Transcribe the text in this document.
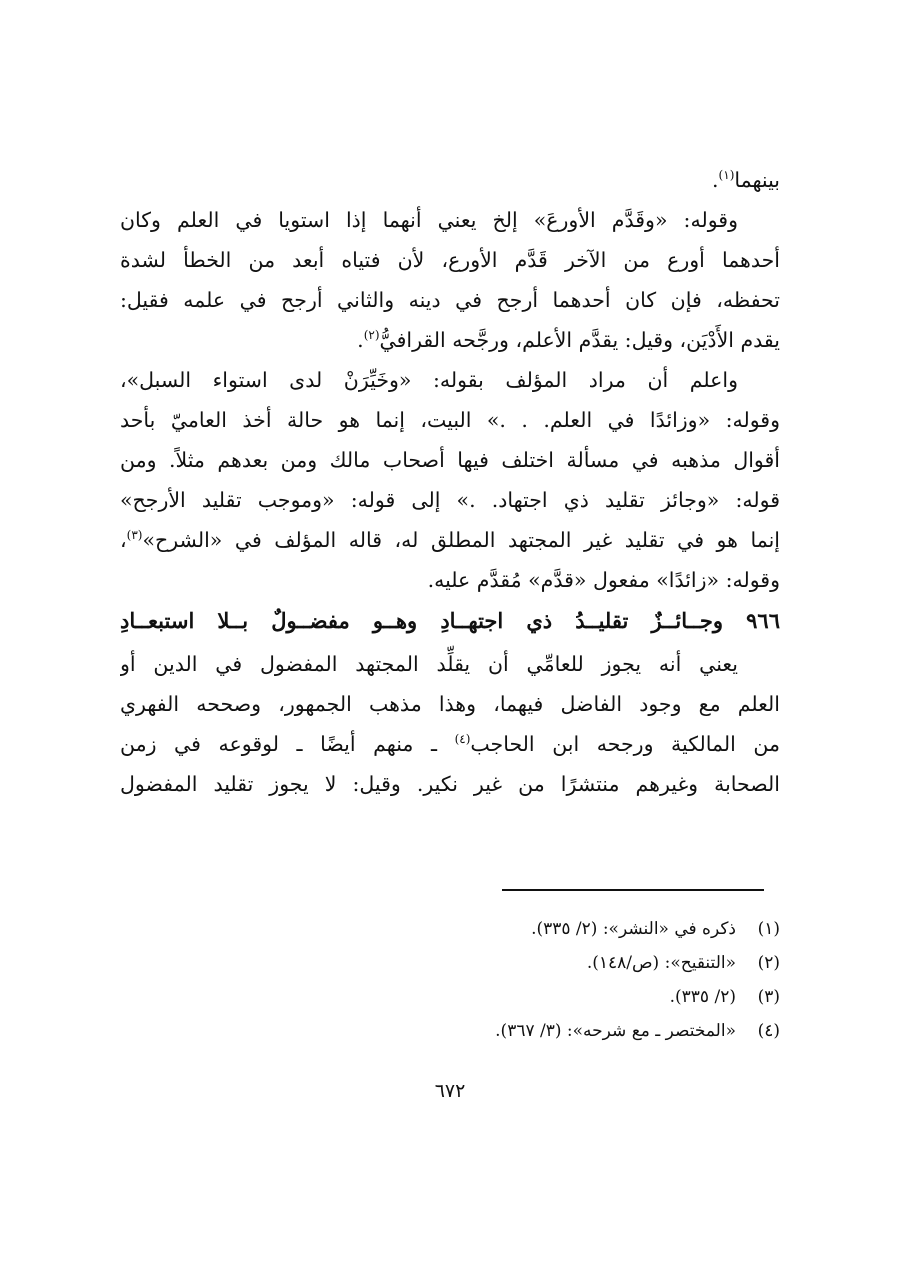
بينهما$^{(١)}$.
وقوله: «وقَدَّم الأورعَ» إلخ يعني أنهما إذا استويا في العلم وكان
أحدهما أورع من الآخر قَدَّم الأورع، لأن فتياه أبعد من الخطأ لشدة
تحفظه، فإن كان أحدهما أرجح في دينه والثاني أرجح في علمه فقيل:
يقدم الأَدْيَن، وقيل: يقدَّم الأعلم، ورجَّحه القرافيُّ$^{(٢)}$.
واعلم أن مراد المؤلف بقوله: «وخَيِّرَنْ لدى استواء السبل»،
وقوله: «وزائدًا في العلم. . .» البيت، إنما هو حالة أخذ العاميّ بأحد
أقوال مذهبه في مسألة اختلف فيها أصحاب مالك ومن بعدهم مثلاً. ومن
قوله: «وجائز تقليد ذي اجتهاد. .» إلى قوله: «وموجب تقليد الأرجح»
إنما هو في تقليد غير المجتهد المطلق له، قاله المؤلف في «الشرح»$^{(٣)}$،
وقوله: «زائدًا» مفعول «قدَّم» مُقدَّم عليه.
٩٦٦ وجــائــزٌ تقليــدُ ذي اجتهــادِ وهــو مفضــولٌ بــلا استبعــادِ
يعني أنه يجوز للعامِّي أن يقلِّد المجتهد المفضول في الدين أو
العلم مع وجود الفاضل فيهما، وهذا مذهب الجمهور، وصححه الفهري
من المالكية ورجحه ابن الحاجب$^{(٤)}$ ـ منهم أيضًا ـ لوقوعه في زمن
الصحابة وغيرهم منتشرًا من غير نكير. وقيل: لا يجوز تقليد المفضول
(١)ذكره في «النشر»: (٢/ ٣٣٥).
(٢)«التنقيح»: (ص/١٤٨).
(٣)(٢/ ٣٣٥).
(٤)«المختصر ـ مع شرحه»: (٣/ ٣٦٧).
٦٧٢
